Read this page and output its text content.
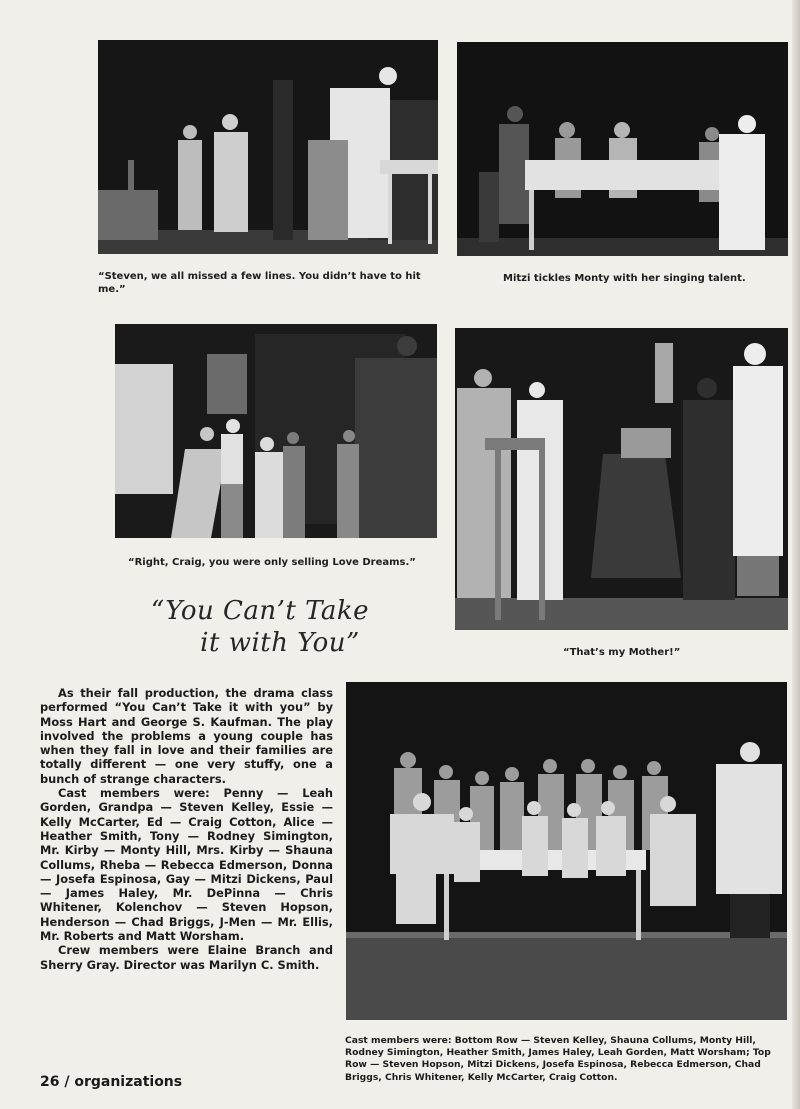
“Steven, we all missed a few lines. You didn’t have to hit me.”
Mitzi tickles Monty with her singing talent.
“Right, Craig, you were only selling Love Dreams.”
“That’s my Mother!”
“You Can’t Take
it with You”

As their fall production, the drama class performed “You Can’t Take it with you” by Moss Hart and George S. Kaufman. The play involved the problems a young couple has when they fall in love and their families are totally different — one very stuffy, one a bunch of strange characters.

Cast members were: Penny — Leah Gorden, Grandpa — Steven Kelley, Essie — Kelly McCarter, Ed — Craig Cotton, Alice — Heather Smith, Tony — Rodney Simington, Mr. Kirby — Monty Hill, Mrs. Kirby — Shauna Collums, Rheba — Rebecca Edmerson, Donna — Josefa Espinosa, Gay — Mitzi Dickens, Paul — James Haley, Mr. DePinna — Chris Whitener, Kolenchov — Steven Hopson, Henderson — Chad Briggs, J-Men — Mr. Ellis, Mr. Roberts and Matt Worsham.

Crew members were Elaine Branch and Sherry Gray. Director was Marilyn C. Smith.

Cast members were: Bottom Row — Steven Kelley, Shauna Collums, Monty Hill, Rodney Simington, Heather Smith, James Haley, Leah Gorden, Matt Worsham; Top Row — Steven Hopson, Mitzi Dickens, Josefa Espinosa, Rebecca Edmerson, Chad Briggs, Chris Whitener, Kelly McCarter, Craig Cotton.
26 / organizations
